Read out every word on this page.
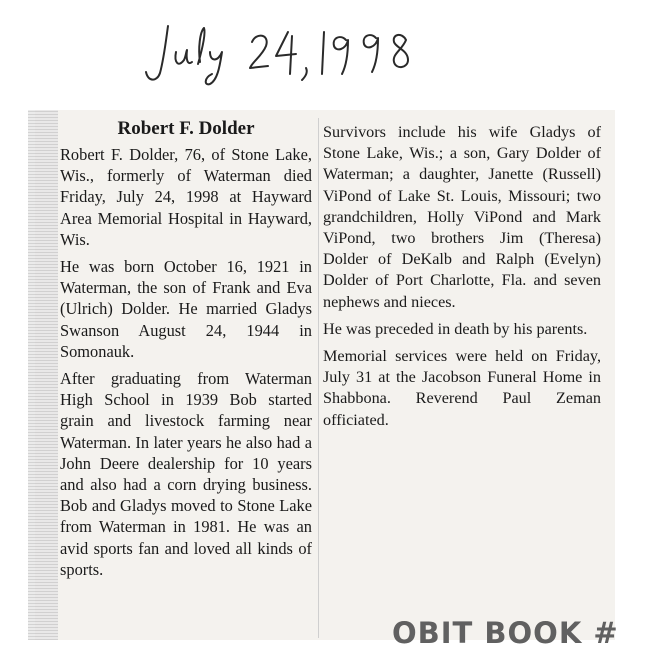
Robert F. Dolder

Robert F. Dolder, 76, of Stone Lake, Wis., formerly of Waterman died Friday, July 24, 1998 at Hayward Area Memorial Hospital in Hayward, Wis.

He was born October 16, 1921 in Waterman, the son of Frank and Eva (Ulrich) Dolder. He married Gladys Swanson August 24, 1944 in Somonauk.

After graduating from Waterman High School in 1939 Bob started grain and livestock farming near Waterman. In later years he also had a John Deere dealership for 10 years and also had a corn drying business. Bob and Gladys moved to Stone Lake from Waterman in 1981. He was an avid sports fan and loved all kinds of sports.

Survivors include his wife Gladys of Stone Lake, Wis.; a son, Gary Dolder of Waterman; a daughter, Janette (Russell) ViPond of Lake St. Louis, Missouri; two grandchildren, Holly ViPond and Mark ViPond, two brothers Jim (Theresa) Dolder of DeKalb and Ralph (Evelyn) Dolder of Port Charlotte, Fla. and seven nephews and nieces.

He was preceded in death by his parents.

Memorial services were held on Friday, July 31 at the Jacobson Funeral Home in Shabbona. Reverend Paul Zeman officiated.

OBIT BOOK #
